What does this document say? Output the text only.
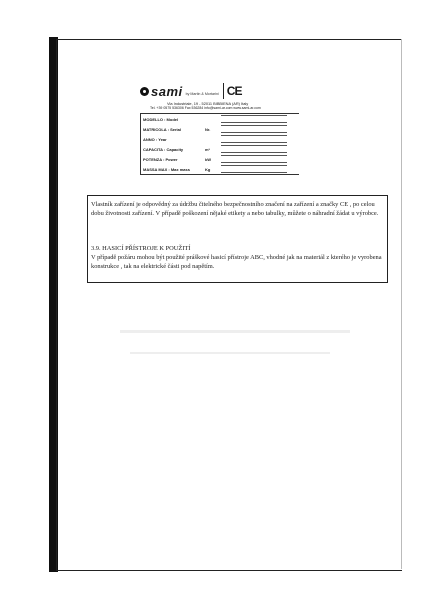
sami by Martin & Mortarini CE
Via Industriale, 19 - 52011 BIBBIENA (AR) Italy
Tel. +39 0575 536306 Fax 536284 info@sami-ar.com www.sami-ar.com
MODELLO : Model
MATRICOLA : Serial	Nr.
ANNO : Year
CAPACITA : Capacity	m³
POTENZA : Power	kW
MASSA MAX : Max mass	Kg
Vlastník zařízení je odpovědný za údržbu čitelného bezpečnostního značení na zařízení a značky CE , po celou dobu životnosti zařízení. V případě poškození nějaké etikety a nebo tabulky, můžete o náhradní žádat u výrobce.
3.9. HASICÍ PŘÍSTROJE K POUŽITÍ
V případě požáru mohou být použité práškové hasicí přístroje ABC, vhodné jak na materiál z kterého je vyrobena konstrukce , tak na elektrické části pod napětím.
